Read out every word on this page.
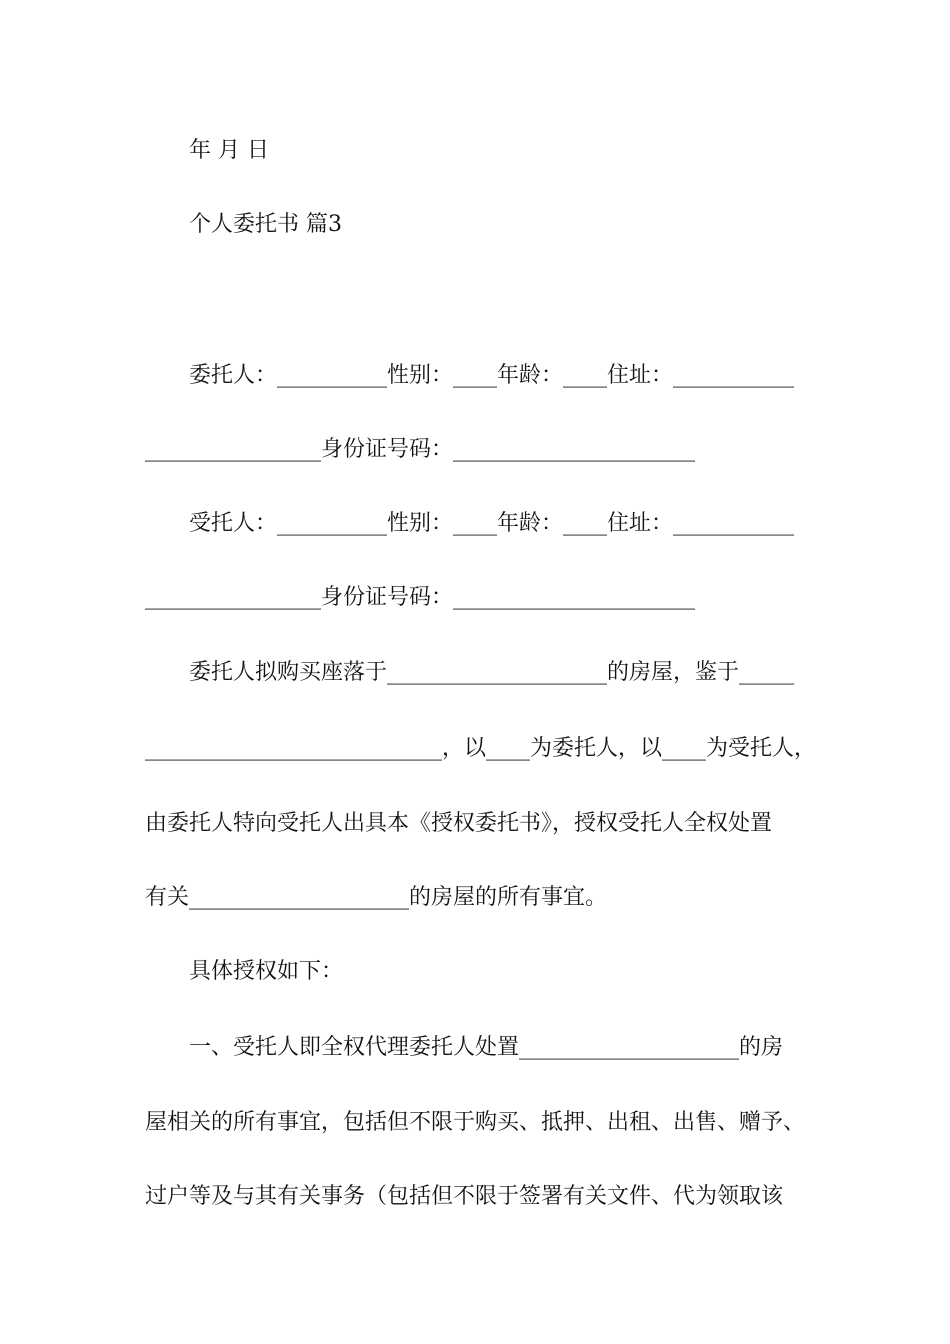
年 月 日
个人委托书 篇3
委托人：__________性别：____年龄：____住址：___________
________________身份证号码：______________________
受托人：__________性别：____年龄：____住址：___________
________________身份证号码：______________________
委托人拟购买座落于____________________的房屋，鉴于_____
___________________________，以____为委托人，以____为受托人，
由委托人特向受托人出具本《授权委托书》，授权受托人全权处置
有关____________________的房屋的所有事宜。
具体授权如下：
一、受托人即全权代理委托人处置____________________的房
屋相关的所有事宜，包括但不限于购买、抵押、出租、出售、赠予、
过户等及与其有关事务（包括但不限于签署有关文件、代为领取该
